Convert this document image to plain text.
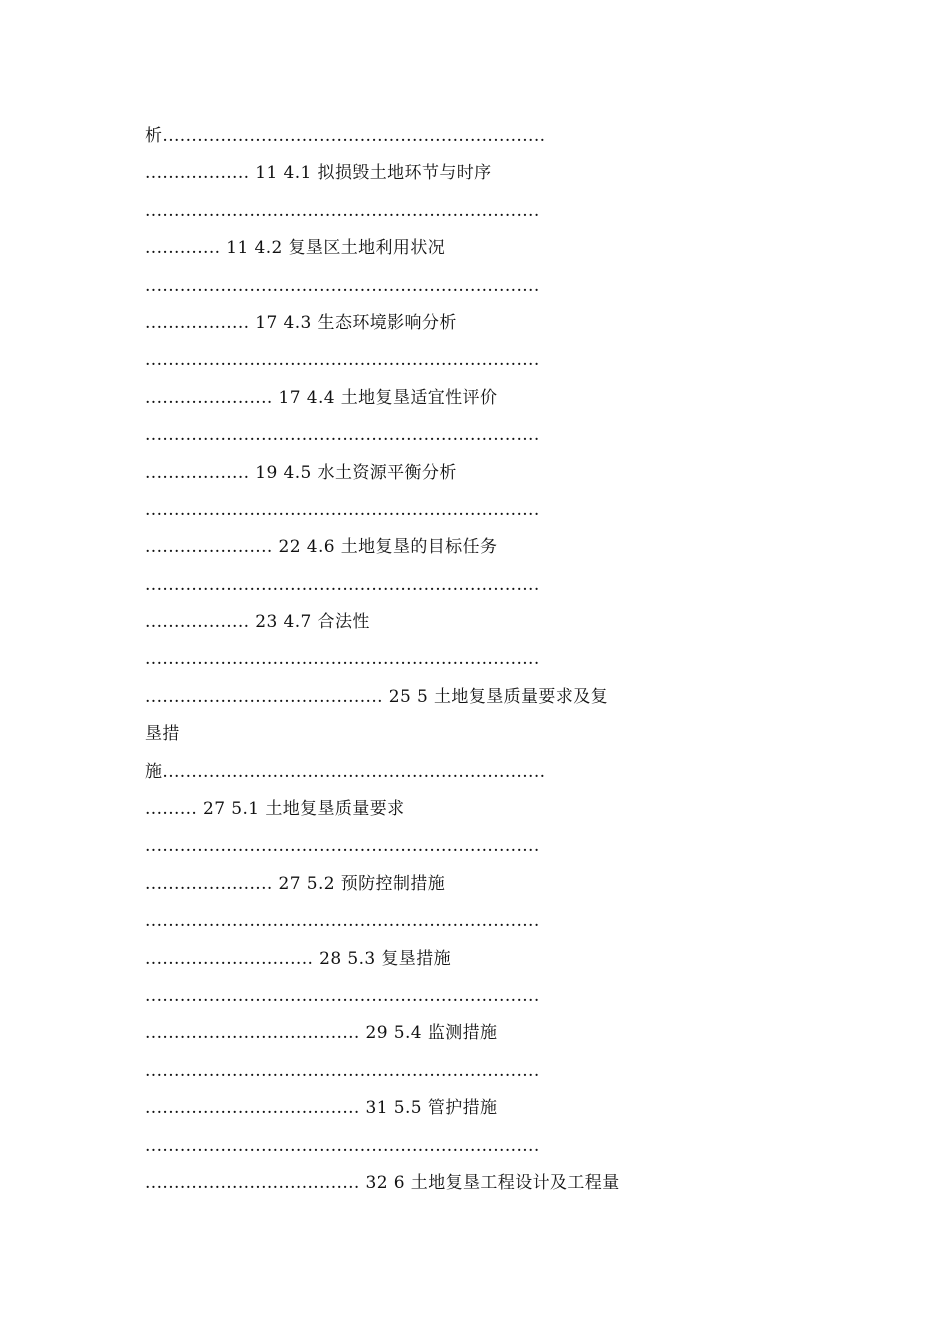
析..................................................................
.................. 11 4.1 拟损毁土地环节与时序
....................................................................
............. 11 4.2 复垦区土地利用状况
....................................................................
.................. 17 4.3 生态环境影响分析
....................................................................
...................... 17 4.4 土地复垦适宜性评价
....................................................................
.................. 19 4.5 水土资源平衡分析
....................................................................
...................... 22 4.6 土地复垦的目标任务
....................................................................
.................. 23 4.7 合法性
....................................................................
......................................... 25 5 土地复垦质量要求及复
垦措
施..................................................................
......... 27 5.1 土地复垦质量要求
....................................................................
...................... 27 5.2 预防控制措施
....................................................................
............................. 28 5.3 复垦措施
....................................................................
..................................... 29 5.4 监测措施
....................................................................
..................................... 31 5.5 管护措施
....................................................................
..................................... 32 6 土地复垦工程设计及工程量
